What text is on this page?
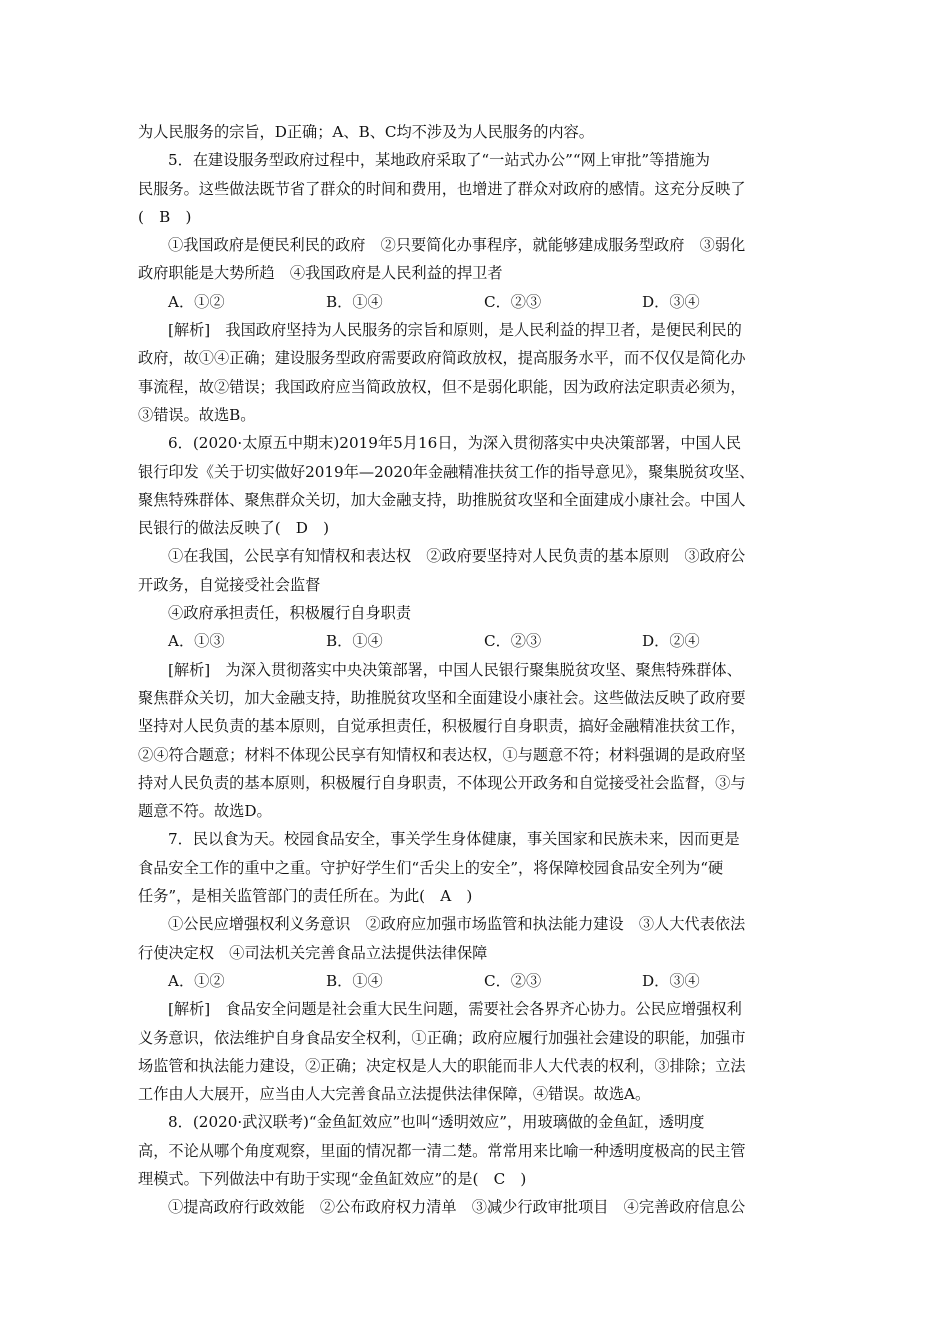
为人民服务的宗旨，D正确；A、B、C均不涉及为人民服务的内容。
5．在建设服务型政府过程中，某地政府采取了“一站式办公”“网上审批”等措施为
民服务。这些做法既节省了群众的时间和费用，也增进了群众对政府的感情。这充分反映了
(　B　)
①我国政府是便民利民的政府　②只要简化办事程序，就能够建成服务型政府　③弱化
政府职能是大势所趋　④我国政府是人民利益的捍卫者
A．①②	B．①④	C．②③	D．③④
[解析]　我国政府坚持为人民服务的宗旨和原则，是人民利益的捍卫者，是便民利民的
政府，故①④正确；建设服务型政府需要政府简政放权，提高服务水平，而不仅仅是简化办
事流程，故②错误；我国政府应当简政放权，但不是弱化职能，因为政府法定职责必须为，
③错误。故选B。
6．(2020·太原五中期末)2019年5月16日，为深入贯彻落实中央决策部署，中国人民
银行印发《关于切实做好2019年—2020年金融精准扶贫工作的指导意见》，聚集脱贫攻坚、
聚焦特殊群体、聚焦群众关切，加大金融支持，助推脱贫攻坚和全面建成小康社会。中国人
民银行的做法反映了(　D　)
①在我国，公民享有知情权和表达权　②政府要坚持对人民负责的基本原则　③政府公
开政务，自觉接受社会监督
④政府承担责任，积极履行自身职责
A．①③	B．①④	C．②③	D．②④
[解析]　为深入贯彻落实中央决策部署，中国人民银行聚集脱贫攻坚、聚焦特殊群体、
聚焦群众关切，加大金融支持，助推脱贫攻坚和全面建设小康社会。这些做法反映了政府要
坚持对人民负责的基本原则，自觉承担责任，积极履行自身职责，搞好金融精准扶贫工作，
②④符合题意；材料不体现公民享有知情权和表达权，①与题意不符；材料强调的是政府坚
持对人民负责的基本原则，积极履行自身职责，不体现公开政务和自觉接受社会监督，③与
题意不符。故选D。
7．民以食为天。校园食品安全，事关学生身体健康，事关国家和民族未来，因而更是
食品安全工作的重中之重。守护好学生们“舌尖上的安全”，将保障校园食品安全列为“硬
任务”，是相关监管部门的责任所在。为此(　A　)
①公民应增强权利义务意识　②政府应加强市场监管和执法能力建设　③人大代表依法
行使决定权　④司法机关完善食品立法提供法律保障
A．①②	B．①④	C．②③	D．③④
[解析]　食品安全问题是社会重大民生问题，需要社会各界齐心协力。公民应增强权利
义务意识，依法维护自身食品安全权利，①正确；政府应履行加强社会建设的职能，加强市
场监管和执法能力建设，②正确；决定权是人大的职能而非人大代表的权利，③排除；立法
工作由人大展开，应当由人大完善食品立法提供法律保障，④错误。故选A。
8．(2020·武汉联考)“金鱼缸效应”也叫“透明效应”，用玻璃做的金鱼缸，透明度
高，不论从哪个角度观察，里面的情况都一清二楚。常常用来比喻一种透明度极高的民主管
理模式。下列做法中有助于实现“金鱼缸效应”的是(　C　)
①提高政府行政效能　②公布政府权力清单　③减少行政审批项目　④完善政府信息公
